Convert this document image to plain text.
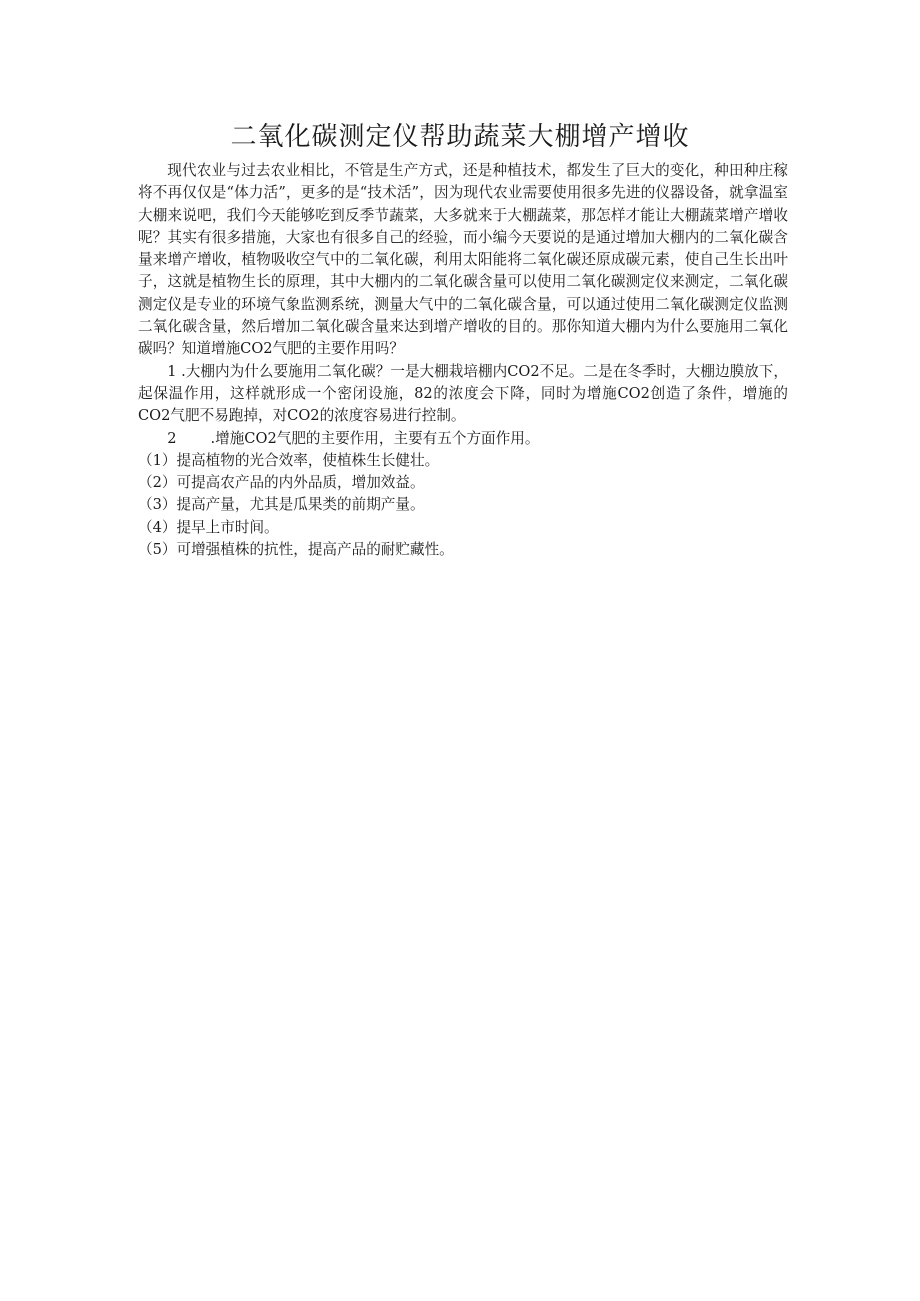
二氧化碳测定仪帮助蔬菜大棚增产增收

现代农业与过去农业相比，不管是生产方式，还是种植技术，都发生了巨大的变化，种田种庄稼将不再仅仅是“体力活”，更多的是“技术活”，因为现代农业需要使用很多先进的仪器设备，就拿温室大棚来说吧，我们今天能够吃到反季节蔬菜，大多就来于大棚蔬菜，那怎样才能让大棚蔬菜增产增收呢？其实有很多措施，大家也有很多自己的经验，而小编今天要说的是通过增加大棚内的二氧化碳含量来增产增收，植物吸收空气中的二氧化碳，利用太阳能将二氧化碳还原成碳元素，使自己生长出叶子，这就是植物生长的原理，其中大棚内的二氧化碳含量可以使用二氧化碳测定仪来测定，二氧化碳测定仪是专业的环境气象监测系统，测量大气中的二氧化碳含量，可以通过使用二氧化碳测定仪监测二氧化碳含量，然后增加二氧化碳含量来达到增产增收的目的。那你知道大棚内为什么要施用二氧化碳吗？知道增施CO2气肥的主要作用吗？

1 .大棚内为什么要施用二氧化碳？一是大棚栽培棚内CO2不足。二是在冬季时，大棚边膜放下，起保温作用，这样就形成一个密闭设施，82的浓度会下降，同时为增施CO2创造了条件，增施的CO2气肥不易跑掉，对CO2的浓度容易进行控制。

2 .增施CO2气肥的主要作用，主要有五个方面作用。

（1）提高植物的光合效率，使植株生长健壮。

（2）可提高农产品的内外品质，增加效益。

（3）提高产量，尤其是瓜果类的前期产量。

（4）提早上市时间。

（5）可增强植株的抗性，提高产品的耐贮藏性。
